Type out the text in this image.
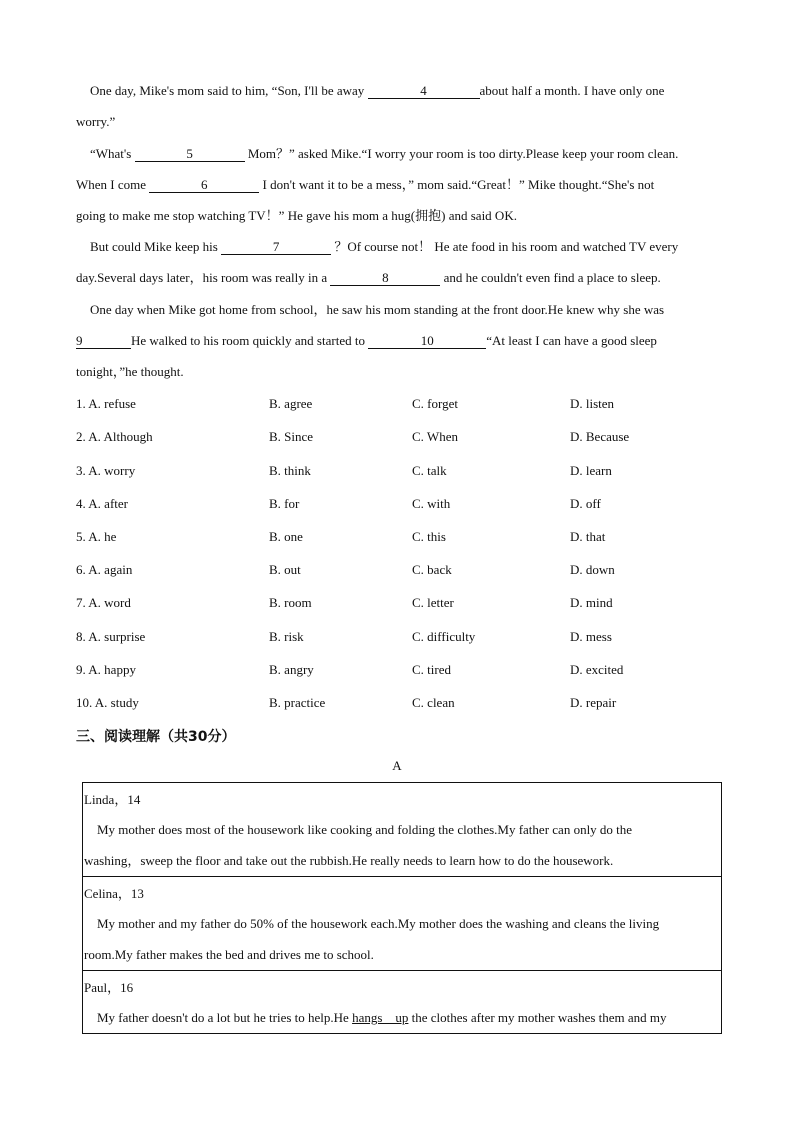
One day, Mike's mom said to him, “Son, I'll be away	4	about half a month. I have only one
worry.”
“What's	5	Mom？” asked Mike.“I worry your room is too dirty.Please keep your room clean.
When I come	6	I don't want it to be a mess，” mom said.“Great！” Mike thought.“She's not
going to make me stop watching TV！” He gave his mom a hug(拥抱) and said OK.
But could Mike keep his	7	？Of course not！ He ate food in his room and watched TV every
day.Several days later，his room was really in a	8	and he couldn't even find a place to sleep.
One day when Mike got home from school，he saw his mom standing at the front door.He knew why she was
9	He walked to his room quickly and started to	10	“At least I can have a good sleep
tonight，”he thought.
1. A. refuse	B. agree	C. forget	D. listen
2. A. Although	B. Since	C. When	D. Because
3. A. worry	B. think	C. talk	D. learn
4. A. after	B. for	C. with	D. off
5. A. he	B. one	C. this	D. that
6. A. again	B. out	C. back	D. down
7. A. word	B. room	C. letter	D. mind
8. A. surprise	B. risk	C. difficulty	D. mess
9. A. happy	B. angry	C. tired	D. excited
10. A. study	B. practice	C. clean	D. repair
三、阅读理解（共30分）
A
Linda，14
My mother does most of the housework like cooking and folding the clothes.My father can only do the
washing，sweep the floor and take out the rubbish.He really needs to learn how to do the housework.
Celina，13
My mother and my father do 50% of the housework each.My mother does the washing and cleans the living
room.My father makes the bed and drives me to school.
Paul，16
My father doesn't do a lot but he tries to help.He hangs    up the clothes after my mother washes them and my
